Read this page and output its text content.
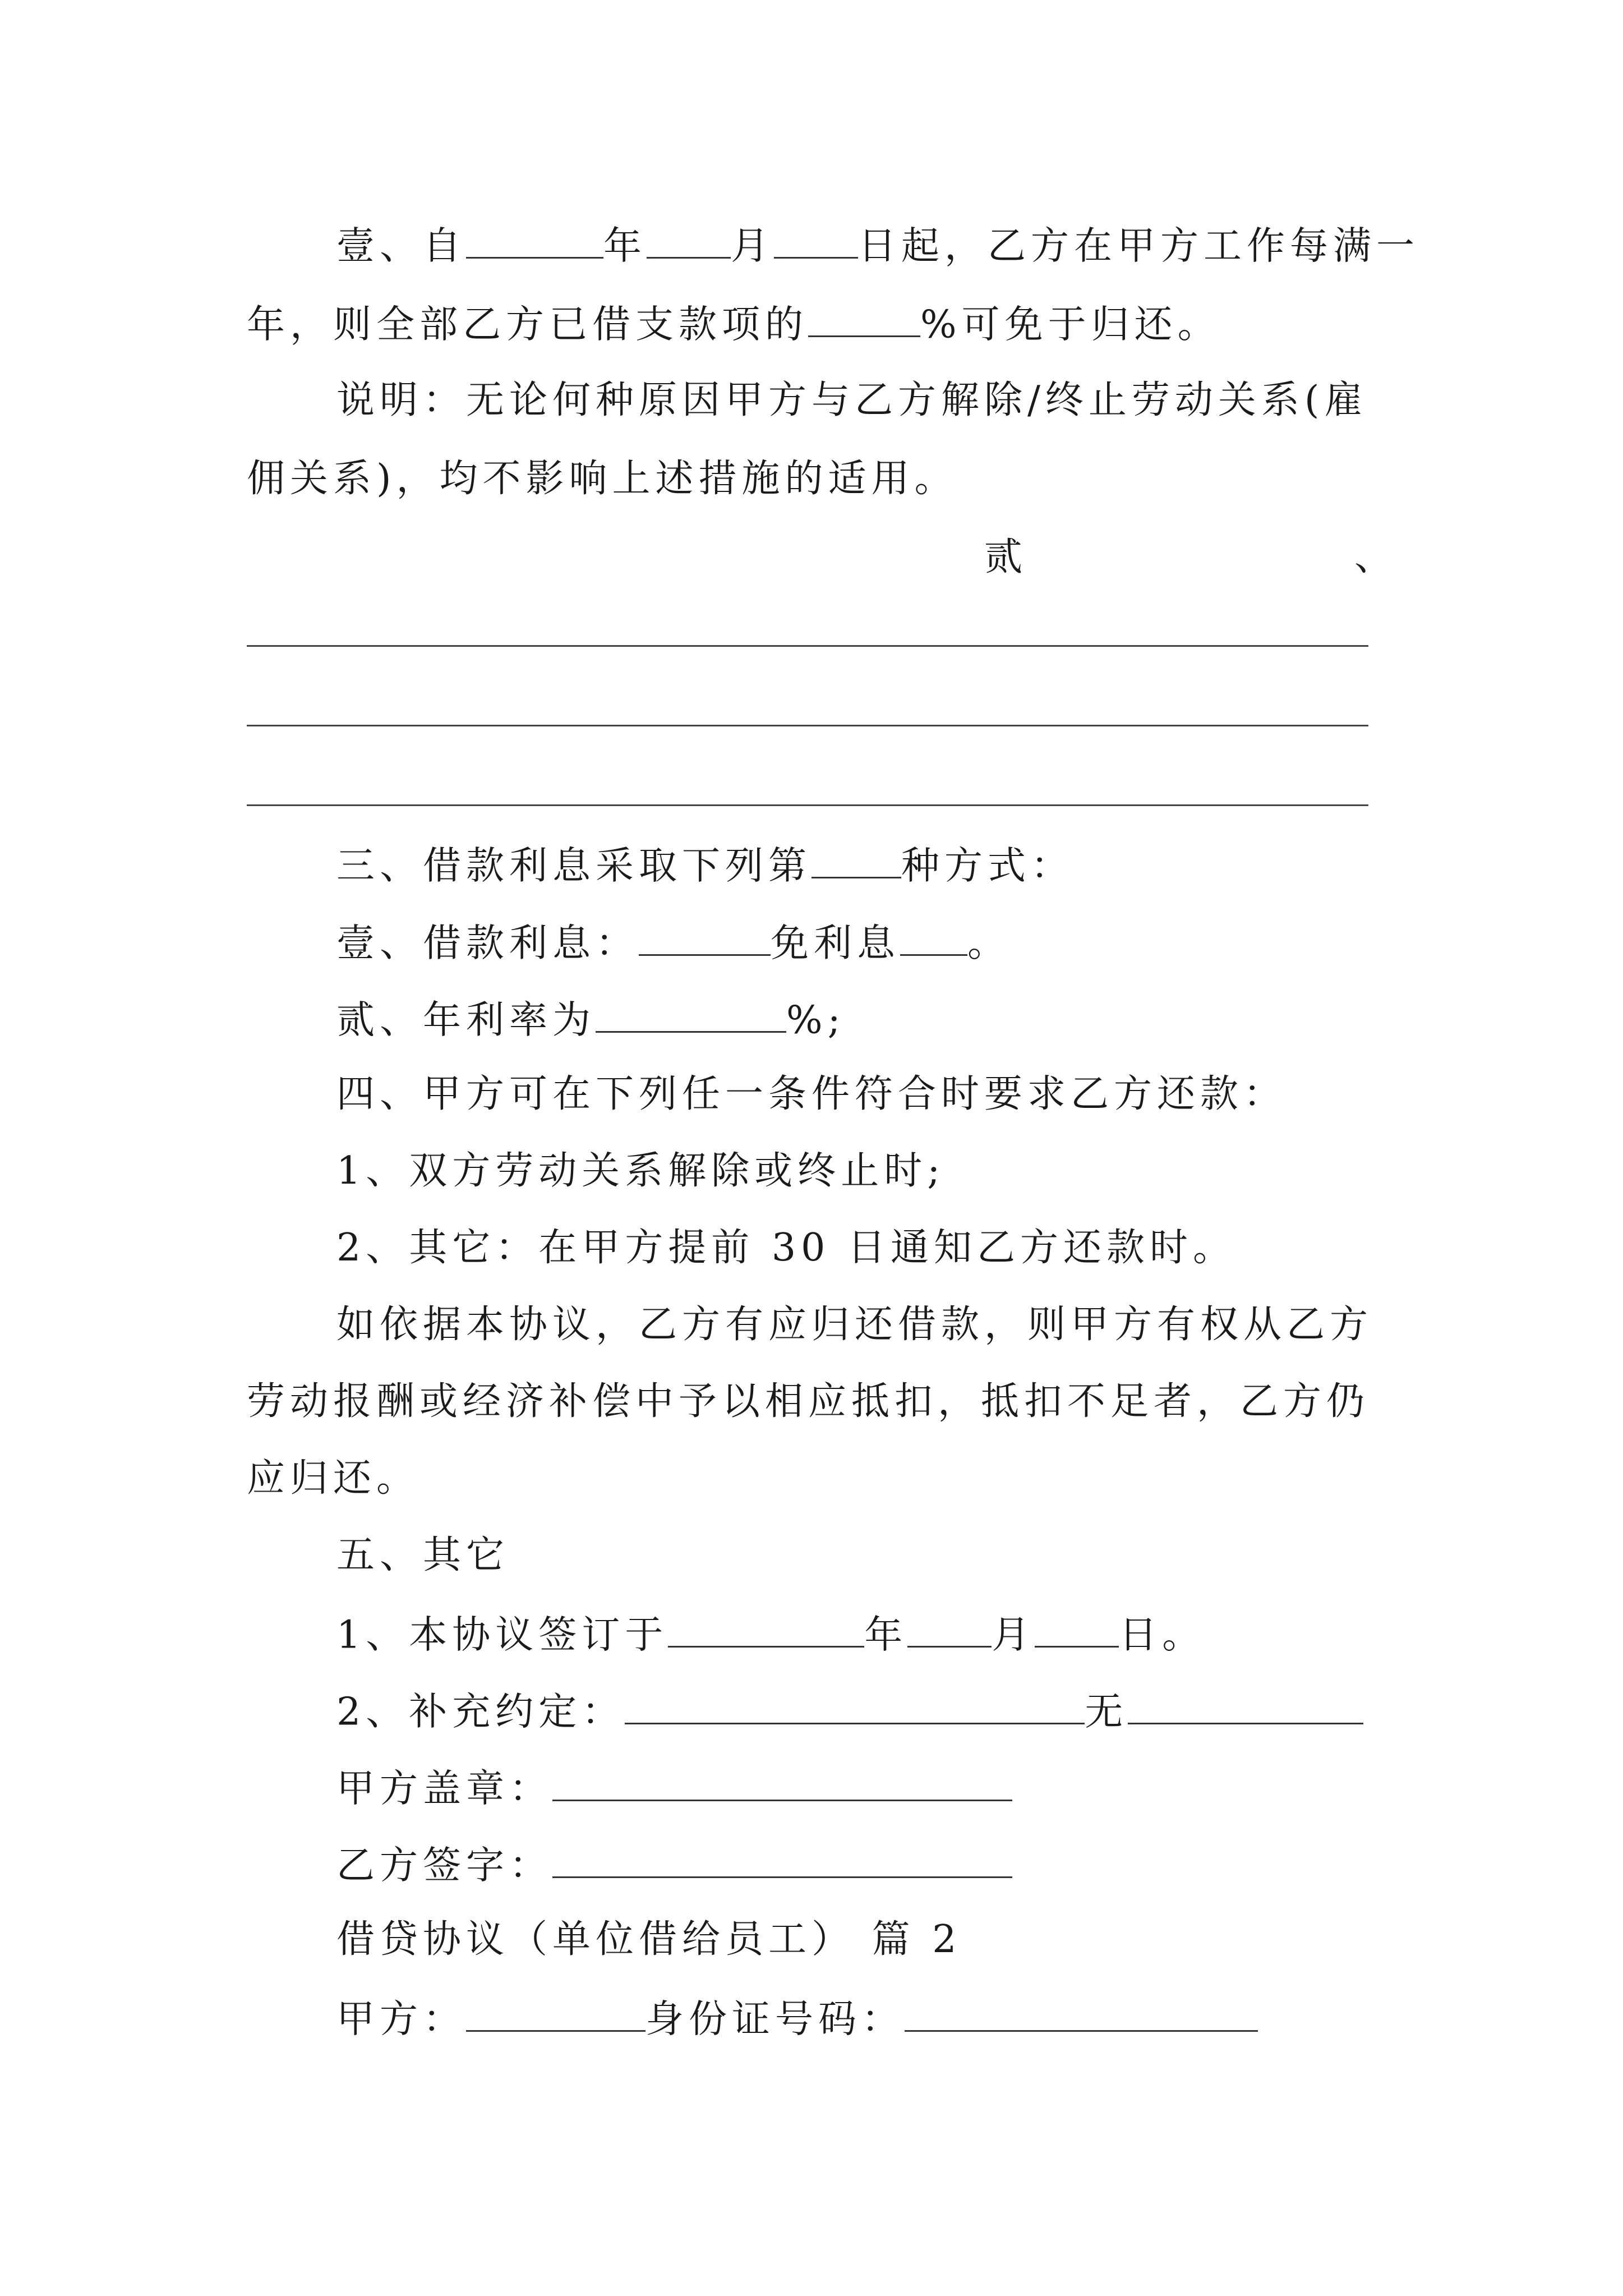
壹、自	年 月 日起，乙方在甲方工作每满一
年，则全部乙方已借支款项的	%可免于归还。
说明：无论何种原因甲方与乙方解除/终止劳动关系(雇
佣关系)，均不影响上述措施的适用。
贰	、
三、借款利息采取下列第 种方式：
壹、借款利息：	免利息 。
贰、年利率为	%;
四、甲方可在下列任一条件符合时要求乙方还款：
1、双方劳动关系解除或终止时;
2、其它：在甲方提前 30 日通知乙方还款时。
如依据本协议，乙方有应归还借款，则甲方有权从乙方
劳动报酬或经济补偿中予以相应抵扣，抵扣不足者，乙方仍
应归还。
五、其它
1、本协议签订于	年 月 日。
2、补充约定：	无
甲方盖章：
乙方签字：
借贷协议（单位借给员工） 篇 2
甲方：	身份证号码：
